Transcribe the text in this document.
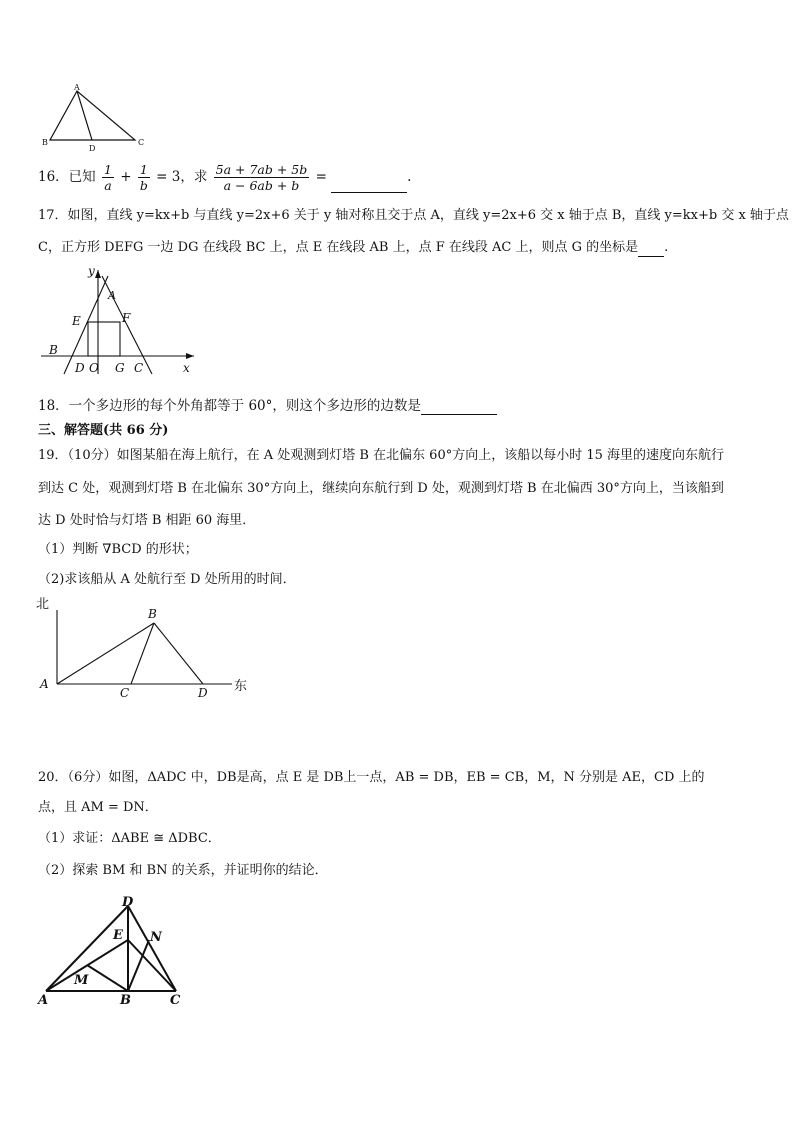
A
B
D
C
16．已知 $\frac{1}{a} + \frac{1}{b} = 3$，求 $\frac{5a + 7ab + 5b}{a - 6ab + b}$ =	.
17．如图，直线 y=kx+b 与直线 y=2x+6 关于 y 轴对称且交于点 A，直线 y=2x+6 交 x 轴于点 B，直线 y=kx+b 交 x 轴于点
C，正方形 DEFG 一边 DG 在线段 BC 上，点 E 在线段 AB 上，点 F 在线段 AC 上，则点 G 的坐标是 .
y
A
E	F
B
D O G C	x
18．一个多边形的每个外角都等于 60°，则这个多边形的边数是
三、解答题(共 66 分)
19．（10分）如图某船在海上航行，在 A 处观测到灯塔 B 在北偏东 60°方向上，该船以每小时 15 海里的速度向东航行
到达 C 处，观测到灯塔 B 在北偏东 30°方向上，继续向东航行到 D 处，观测到灯塔 B 在北偏西 30°方向上，当该船到
达 D 处时恰与灯塔 B 相距 60 海里．
（1）判断 ∇BCD 的形状；
（2)求该船从 A 处航行至 D 处所用的时间．
北
东
A
B
C	D
20．（6分）如图，ΔADC 中，DB是高，点 E 是 DB上一点，AB = DB，EB = CB，M，N 分别是 AE，CD 上的
点，且 AM = DN．
（1）求证：ΔABE ≅ ΔDBC．
（2）探索 BM 和 BN 的关系，并证明你的结论．
D
E N
M
A	B	C
